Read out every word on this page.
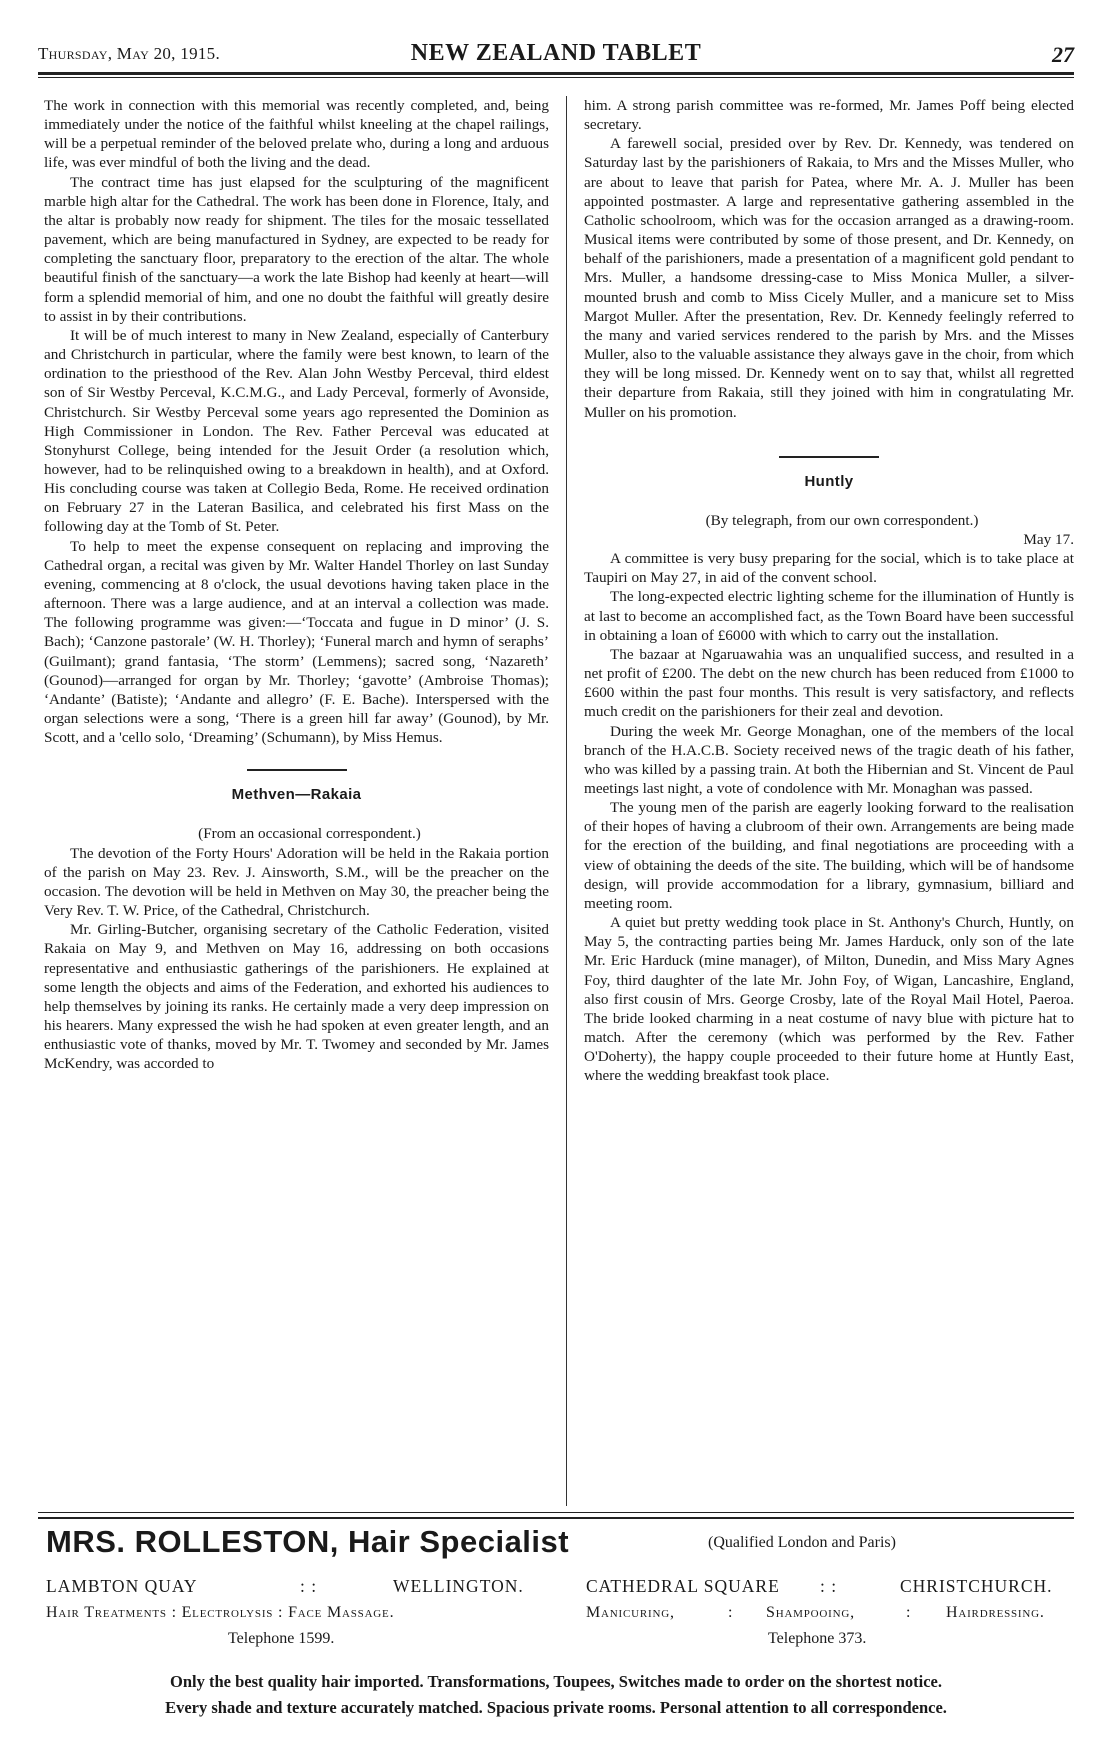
Thursday, May 20, 1915.	NEW ZEALAND TABLET	27

The work in connection with this memorial was recently completed, and, being immediately under the notice of the faithful whilst kneeling at the chapel railings, will be a perpetual reminder of the beloved prelate who, during a long and arduous life, was ever mindful of both the living and the dead.

The contract time has just elapsed for the sculpturing of the magnificent marble high altar for the Cathedral. The work has been done in Florence, Italy, and the altar is probably now ready for shipment. The tiles for the mosaic tessellated pavement, which are being manufactured in Sydney, are expected to be ready for completing the sanctuary floor, preparatory to the erection of the altar. The whole beautiful finish of the sanctuary—a work the late Bishop had keenly at heart—will form a splendid memorial of him, and one no doubt the faithful will greatly desire to assist in by their contributions.

It will be of much interest to many in New Zealand, especially of Canterbury and Christchurch in particular, where the family were best known, to learn of the ordination to the priesthood of the Rev. Alan John Westby Perceval, third eldest son of Sir Westby Perceval, K.C.M.G., and Lady Perceval, formerly of Avonside, Christchurch. Sir Westby Perceval some years ago represented the Dominion as High Commissioner in London. The Rev. Father Perceval was educated at Stonyhurst College, being intended for the Jesuit Order (a resolution which, however, had to be relinquished owing to a breakdown in health), and at Oxford. His concluding course was taken at Collegio Beda, Rome. He received ordination on February 27 in the Lateran Basilica, and celebrated his first Mass on the following day at the Tomb of St. Peter.

To help to meet the expense consequent on replacing and improving the Cathedral organ, a recital was given by Mr. Walter Handel Thorley on last Sunday evening, commencing at 8 o'clock, the usual devotions having taken place in the afternoon. There was a large audience, and at an interval a collection was made. The following programme was given:—‘Toccata and fugue in D minor’ (J. S. Bach); ‘Canzone pastorale’ (W. H. Thorley); ‘Funeral march and hymn of seraphs’ (Guilmant); grand fantasia, ‘The storm’ (Lemmens); sacred song, ‘Nazareth’ (Gounod)—arranged for organ by Mr. Thorley; ‘gavotte’ (Ambroise Thomas); ‘Andante’ (Batiste); ‘Andante and allegro’ (F. E. Bache). Interspersed with the organ selections were a song, ‘There is a green hill far away’ (Gounod), by Mr. Scott, and a 'cello solo, ‘Dreaming’ (Schumann), by Miss Hemus.

Methven—Rakaia

(From an occasional correspondent.)

The devotion of the Forty Hours' Adoration will be held in the Rakaia portion of the parish on May 23. Rev. J. Ainsworth, S.M., will be the preacher on the occasion. The devotion will be held in Methven on May 30, the preacher being the Very Rev. T. W. Price, of the Cathedral, Christchurch.

Mr. Girling-Butcher, organising secretary of the Catholic Federation, visited Rakaia on May 9, and Methven on May 16, addressing on both occasions representative and enthusiastic gatherings of the parishioners. He explained at some length the objects and aims of the Federation, and exhorted his audiences to help themselves by joining its ranks. He certainly made a very deep impression on his hearers. Many expressed the wish he had spoken at even greater length, and an enthusiastic vote of thanks, moved by Mr. T. Twomey and seconded by Mr. James McKendry, was accorded to

him. A strong parish committee was re-formed, Mr. James Poff being elected secretary.

A farewell social, presided over by Rev. Dr. Kennedy, was tendered on Saturday last by the parishioners of Rakaia, to Mrs and the Misses Muller, who are about to leave that parish for Patea, where Mr. A. J. Muller has been appointed postmaster. A large and representative gathering assembled in the Catholic schoolroom, which was for the occasion arranged as a drawing-room. Musical items were contributed by some of those present, and Dr. Kennedy, on behalf of the parishioners, made a presentation of a magnificent gold pendant to Mrs. Muller, a handsome dressing-case to Miss Monica Muller, a silver-mounted brush and comb to Miss Cicely Muller, and a manicure set to Miss Margot Muller. After the presentation, Rev. Dr. Kennedy feelingly referred to the many and varied services rendered to the parish by Mrs. and the Misses Muller, also to the valuable assistance they always gave in the choir, from which they will be long missed. Dr. Kennedy went on to say that, whilst all regretted their departure from Rakaia, still they joined with him in congratulating Mr. Muller on his promotion.

Huntly

(By telegraph, from our own correspondent.)

May 17.

A committee is very busy preparing for the social, which is to take place at Taupiri on May 27, in aid of the convent school.

The long-expected electric lighting scheme for the illumination of Huntly is at last to become an accomplished fact, as the Town Board have been successful in obtaining a loan of £6000 with which to carry out the installation.

The bazaar at Ngaruawahia was an unqualified success, and resulted in a net profit of £200. The debt on the new church has been reduced from £1000 to £600 within the past four months. This result is very satisfactory, and reflects much credit on the parishioners for their zeal and devotion.

During the week Mr. George Monaghan, one of the members of the local branch of the H.A.C.B. Society received news of the tragic death of his father, who was killed by a passing train. At both the Hibernian and St. Vincent de Paul meetings last night, a vote of condolence with Mr. Monaghan was passed.

The young men of the parish are eagerly looking forward to the realisation of their hopes of having a clubroom of their own. Arrangements are being made for the erection of the building, and final negotiations are proceeding with a view of obtaining the deeds of the site. The building, which will be of handsome design, will provide accommodation for a library, gymnasium, billiard and meeting room.

A quiet but pretty wedding took place in St. Anthony's Church, Huntly, on May 5, the contracting parties being Mr. James Harduck, only son of the late Mr. Eric Harduck (mine manager), of Milton, Dunedin, and Miss Mary Agnes Foy, third daughter of the late Mr. John Foy, of Wigan, Lancashire, England, also first cousin of Mrs. George Crosby, late of the Royal Mail Hotel, Paeroa. The bride looked charming in a neat costume of navy blue with picture hat to match. After the ceremony (which was performed by the Rev. Father O'Doherty), the happy couple proceeded to their future home at Huntly East, where the wedding breakfast took place.

MRS. ROLLESTON, Hair Specialist	(Qualified London and Paris)
LAMBTON QUAY	: :	WELLINGTON.
Hair Treatments : Electrolysis : Face Massage.
Telephone 1599.
CATHEDRAL SQUARE : :	CHRISTCHURCH.
Manicuring,	: Shampooing,	: Hairdressing.
Telephone 373.
Only the best quality hair imported. Transformations, Toupees, Switches made to order on the shortest notice.
Every shade and texture accurately matched. Spacious private rooms. Personal attention to all correspondence.
